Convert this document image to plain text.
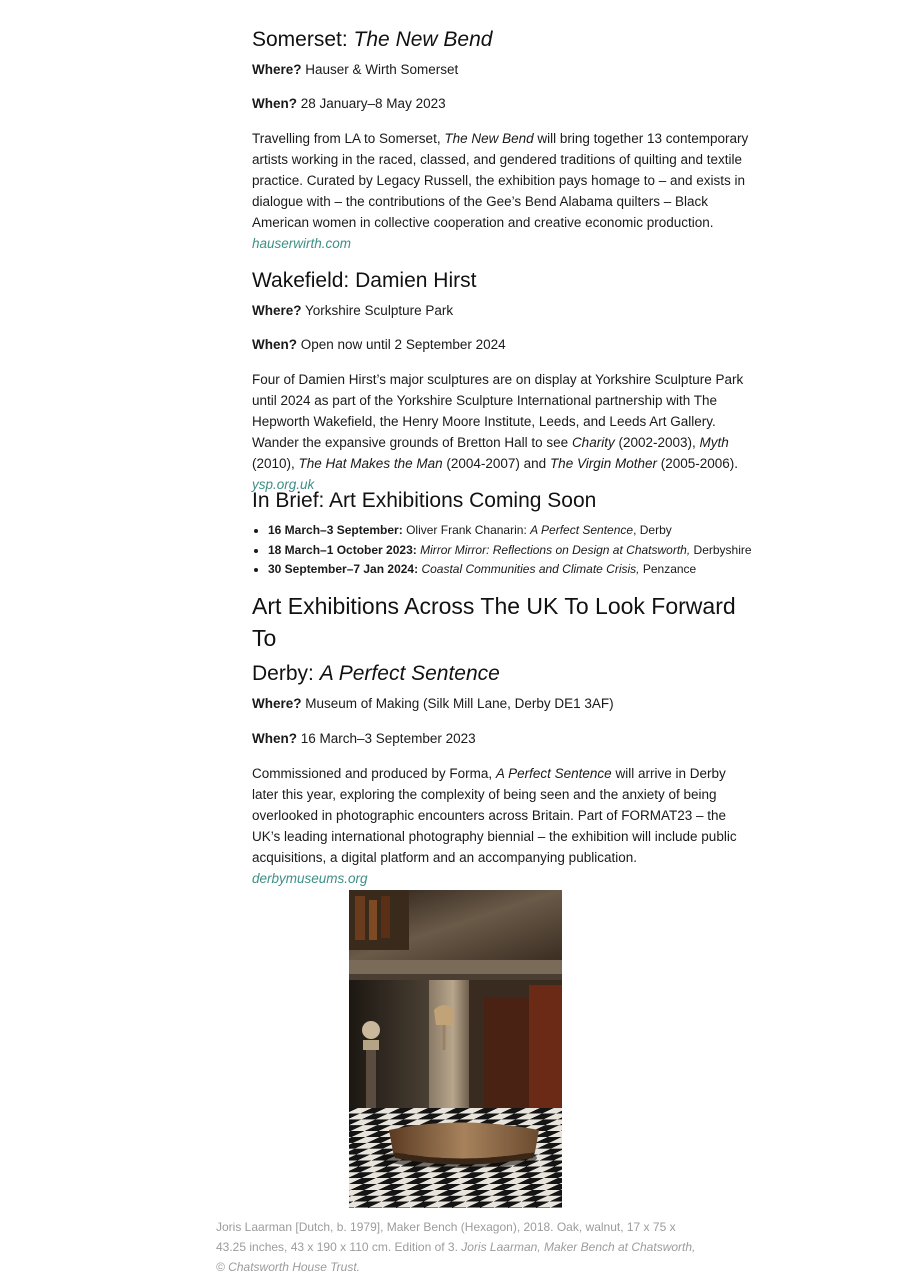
Somerset: The New Bend

Where? Hauser & Wirth Somerset

When? 28 January–8 May 2023

Travelling from LA to Somerset, The New Bend will bring together 13 contemporary artists working in the raced, classed, and gendered traditions of quilting and textile practice. Curated by Legacy Russell, the exhibition pays homage to – and exists in dialogue with – the contributions of the Gee’s Bend Alabama quilters – Black American women in collective cooperation and creative economic production. hauserwirth.com

Wakefield: Damien Hirst

Where? Yorkshire Sculpture Park

When? Open now until 2 September 2024

Four of Damien Hirst’s major sculptures are on display at Yorkshire Sculpture Park until 2024 as part of the Yorkshire Sculpture International partnership with The Hepworth Wakefield, the Henry Moore Institute, Leeds, and Leeds Art Gallery. Wander the expansive grounds of Bretton Hall to see Charity (2002-2003), Myth (2010), The Hat Makes the Man (2004-2007) and The Virgin Mother (2005-2006). ysp.org.uk

In Brief: Art Exhibitions Coming Soon
• 16 March–3 September: Oliver Frank Chanarin: A Perfect Sentence, Derby
• 18 March–1 October 2023: Mirror Mirror: Reflections on Design at Chatsworth, Derbyshire
• 30 September–7 Jan 2024: Coastal Communities and Climate Crisis, Penzance
Art Exhibitions Across The UK To Look Forward To
Derby: A Perfect Sentence

Where? Museum of Making (Silk Mill Lane, Derby DE1 3AF)

When? 16 March–3 September 2023

Commissioned and produced by Forma, A Perfect Sentence will arrive in Derby later this year, exploring the complexity of being seen and the anxiety of being overlooked in photographic encounters across Britain. Part of FORMAT23 – the UK’s leading international photography biennial – the exhibition will include public acquisitions, a digital platform and an accompanying publication. derbymuseums.org

Joris Laarman [Dutch, b. 1979], Maker Bench (Hexagon), 2018. Oak, walnut, 17 x 75 x 43.25 inches, 43 x 190 x 110 cm. Edition of 3. Joris Laarman, Maker Bench at Chatsworth, © Chatsworth House Trust.
